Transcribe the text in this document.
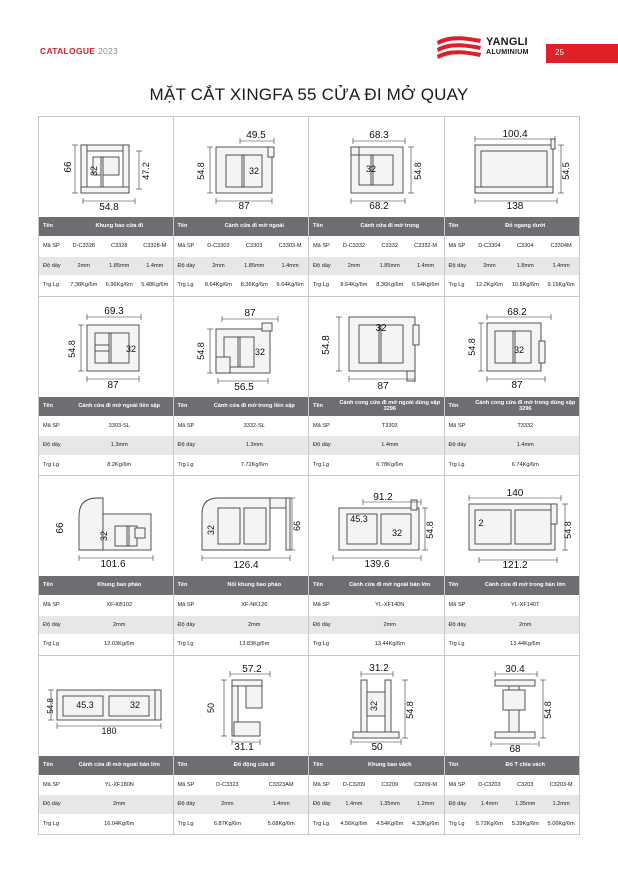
CATALOGUE 2023
YANGLI
ALUMINIUM	25
MẶT CẮT XINGFA 55 CỬA ĐI MỞ QUAY
66 32	47.2
54.8
Tên	Khung bao cửa đi		
Mã SP	D-C3328	C3328	C3328-M
Độ dày	2mm	1.85mm	1.4mm
Trg Lg	7.38Kg/6m	6.96Kg/6m	5.48Kg/6m
49.5
54.8	32
87
Tên	Cánh cửa đi mở ngoài		
Mã SP	D-C3303	C3303	C3303-M
Độ dày	2mm	1.85mm	1.4mm
Trg Lg	8.64Kg/6m	8.36Kg/6m	6.64Kg/6m
68.3
32	54.8
68.2
Tên	Cánh cửa đi mở trong		
Mã SP	D-C3332	C3332	C3332-M
Độ dày	2mm	1.85mm	1.4mm
Trg Lg	8.64Kg/6m	8.36Kg/6m	6.64Kg/6m
100.4
54.5
138
Tên	Đố ngang dưới		
Mã SP	D-C3304	C3304	C3304M
Độ dày	2mm	1.8mm	1.4mm
Trg Lg	12.2Kg/6m	10.8Kg/6m	9.15Kg/6m
69.3
54.8	32
87
Tên	Cánh cửa đi mở ngoài liền sập
Mã SP	3303-SL
Độ dày	1.3mm
Trg Lg	8.2Kg/6m
87
54.8	32
56.5
Tên	Cánh cửa đi mở trong liền sập
Mã SP	3332-SL
Độ dày	1.3mm
Trg Lg	7.72Kg/6m
54.8
32
87
Tên	Cánh cong cửa đi mở ngoài dùng sập 3296
Mã SP	T3303
Độ dày	1.4mm
Trg Lg	6.78Kg/6m
68.2
54.8	32
87
Tên	Cánh cong cửa đi mở trong dùng sập 3296
Mã SP	T3332
Độ dày	1.4mm
Trg Lg	6.74Kg/6m
66
32
101.6
Tên	Khung bao phào
Mã SP	XF-KB102
Độ dày	2mm
Trg Lg	12.03Kg/6m
32	66
126.4
Tên	Nối khung bao phào
Mã SP	XF-NK126
Độ dày	2mm
Trg Lg	13.83Kg/6m
91.2
45.3
32	54.8
139.6
Tên	Cánh cửa đi mở ngoài bản lớn
Mã SP	YL-XF140N
Độ dày	2mm
Trg Lg	13.44Kg/6m
140
2	54.8
121.2
Tên	Cánh cửa đi mở trong bản lớn
Mã SP	YL-XF140T
Độ dày	2mm
Trg Lg	13.44Kg/6m
54.8 45.3	32
180
Tên	Cánh cửa đi mở ngoài bản lớn
Mã SP	YL-XF180N
Độ dày	2mm
Trg Lg	16.04Kg/6m
57.2
50
31.1
Tên	Đố động cửa đi	
Mã SP	D-C3323	C3323AM
Độ dày	2mm	1.4mm
Trg Lg	6.87Kg/6m	5.08Kg/6m
31.2
32	54.8
50
Tên	Khung bao vách		
Mã SP	D-C3209	C3209	C3209-M
Độ dày	1.4mm	1.35mm	1.2mm
Trg Lg	4.56Kg/6m	4.54Kg/6m	4.33Kg/6m
30.4
54.8
68
Tên	Đố T chia vách		
Mã SP	D-C3203	C3203	C3203-M
Độ dày	1.4mm	1.35mm	1.2mm
Trg Lg	5.72Kg/6m	5.39Kg/6m	5.06Kg/6m
